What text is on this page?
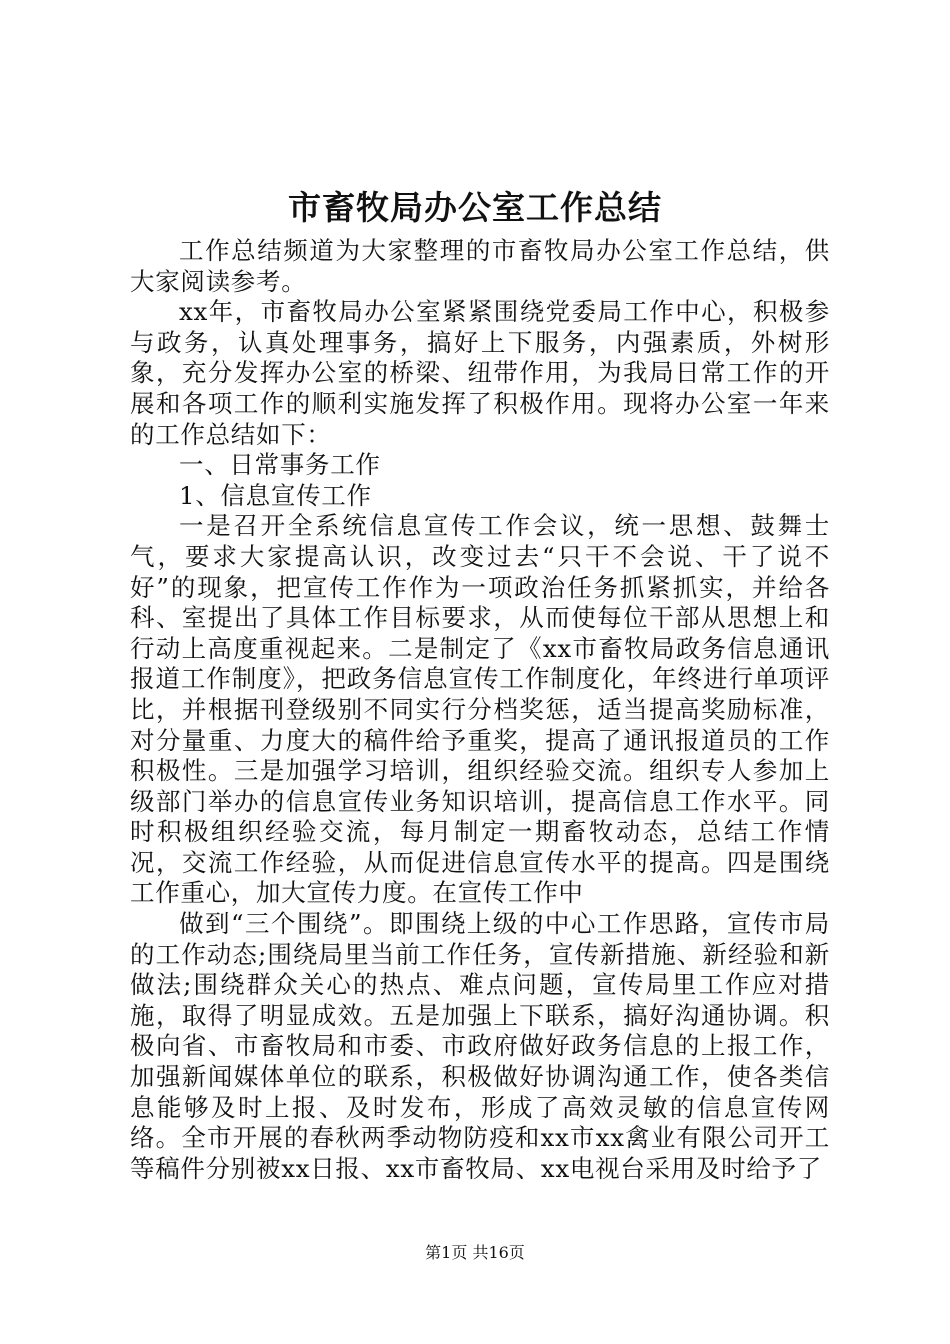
市畜牧局办公室工作总结

工作总结频道为大家整理的市畜牧局办公室工作总结，供大家阅读参考。

xx年，市畜牧局办公室紧紧围绕党委局工作中心，积极参与政务，认真处理事务，搞好上下服务，内强素质，外树形象，充分发挥办公室的桥梁、纽带作用，为我局日常工作的开展和各项工作的顺利实施发挥了积极作用。现将办公室一年来的工作总结如下：

一、日常事务工作

1、信息宣传工作

一是召开全系统信息宣传工作会议，统一思想、鼓舞士气，要求大家提高认识，改变过去“只干不会说、干了说不好”的现象，把宣传工作作为一项政治任务抓紧抓实，并给各科、室提出了具体工作目标要求，从而使每位干部从思想上和行动上高度重视起来。二是制定了《xx市畜牧局政务信息通讯报道工作制度》，把政务信息宣传工作制度化，年终进行单项评比，并根据刊登级别不同实行分档奖惩，适当提高奖励标准，对分量重、力度大的稿件给予重奖，提高了通讯报道员的工作积极性。三是加强学习培训，组织经验交流。组织专人参加上级部门举办的信息宣传业务知识培训，提高信息工作水平。同时积极组织经验交流，每月制定一期畜牧动态，总结工作情况，交流工作经验，从而促进信息宣传水平的提高。四是围绕工作重心，加大宣传力度。在宣传工作中

做到“三个围绕”。即围绕上级的中心工作思路，宣传市局的工作动态;围绕局里当前工作任务，宣传新措施、新经验和新做法;围绕群众关心的热点、难点问题，宣传局里工作应对措施，取得了明显成效。五是加强上下联系，搞好沟通协调。积极向省、市畜牧局和市委、市政府做好政务信息的上报工作，加强新闻媒体单位的联系，积极做好协调沟通工作，使各类信息能够及时上报、及时发布，形成了高效灵敏的信息宣传网络。全市开展的春秋两季动物防疫和xx市xx禽业有限公司开工等稿件分别被xx日报、xx市畜牧局、xx电视台采用及时给予了

第1页 共16页
